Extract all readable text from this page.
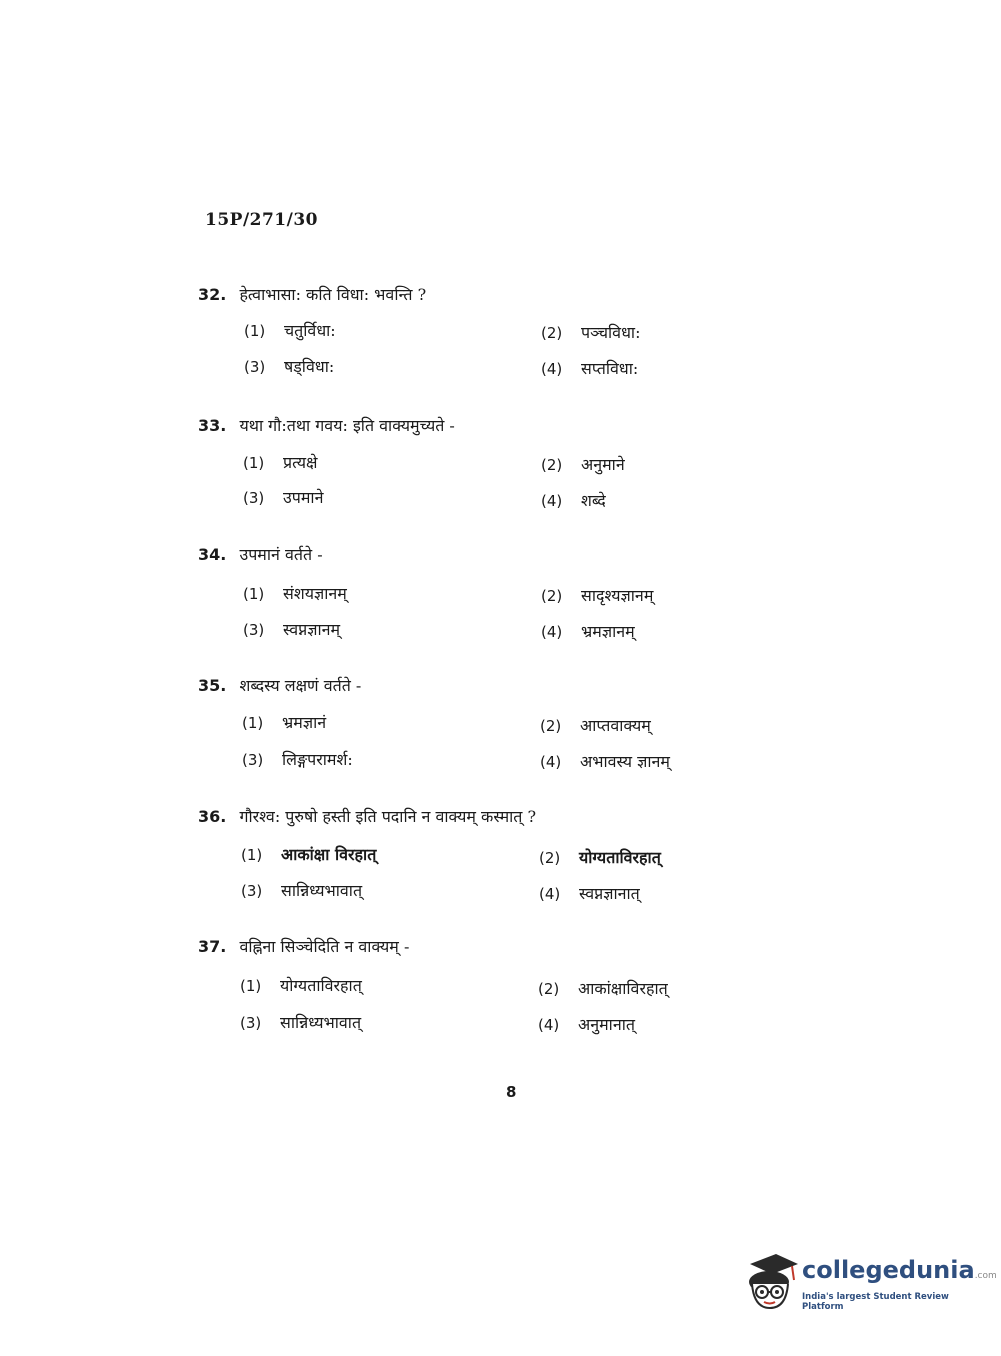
15P/271/30
32. हेत्वाभासा: कति विधा: भवन्ति ?
(1) चतुर्विधा:	(2) पञ्चविधा:
(3) षड्विधा:	(4) सप्तविधा:
33. यथा गौ:तथा गवय: इति वाक्यमुच्यते -
(1) प्रत्यक्षे	(2) अनुमाने
(3) उपमाने	(4) शब्दे
34. उपमानं वर्तते -
(1) संशयज्ञानम्	(2) सादृश्यज्ञानम्
(3) स्वप्नज्ञानम्	(4) भ्रमज्ञानम्
35. शब्दस्य लक्षणं वर्तते -
(1) भ्रमज्ञानं	(2) आप्तवाक्यम्
(3) लिङ्गपरामर्श:	(4) अभावस्य ज्ञानम्
36. गौरश्व: पुरुषो हस्ती इति पदानि न वाक्यम् कस्मात् ?
(1) आकांक्षा विरहात्	(2) योग्यताविरहात्
(3) सान्निध्यभावात्	(4) स्वप्नज्ञानात्
37. वह्निना सिञ्चेदिति न वाक्यम् -
(1) योग्यताविरहात्	(2) आकांक्षाविरहात्
(3) सान्निध्यभावात्	(4) अनुमानात्
8
collegedunia.com
India's largest Student Review Platform
